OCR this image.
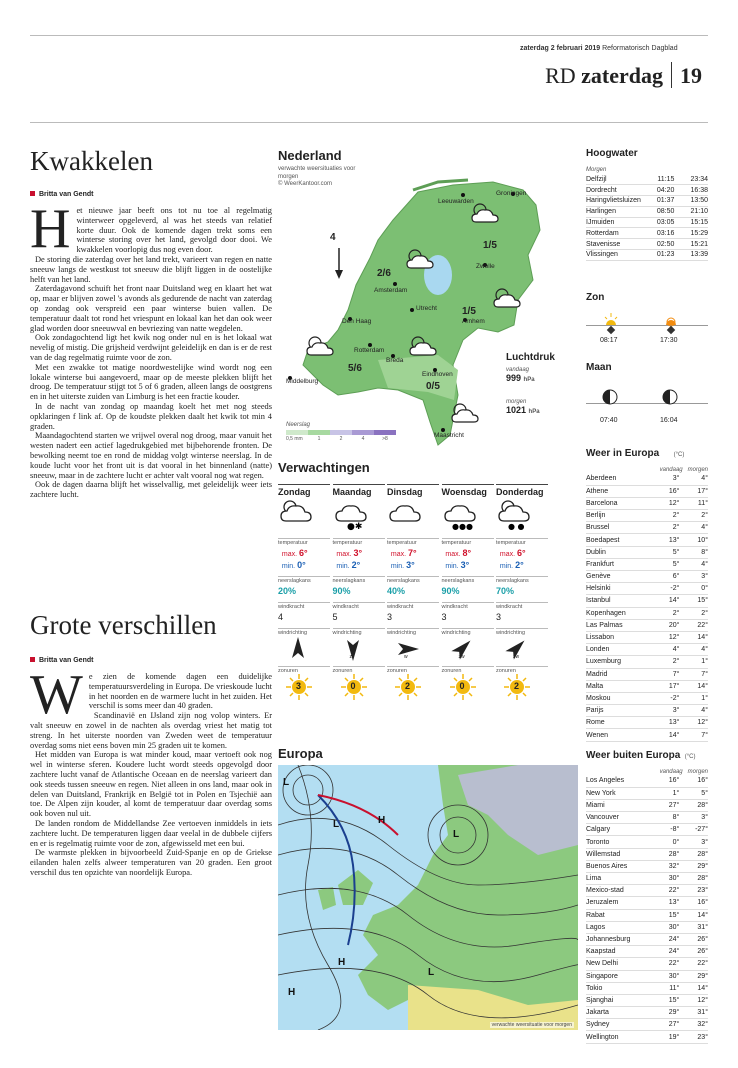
zaterdag 2 februari 2019 Reformatorisch Dagblad
RD zaterdag 19
Kwakkelen
Britta van Gendt
H et nieuwe jaar beeft ons tot nu toe al regelmatig winterweer opgeleverd, al was het steeds van relatief korte duur. Ook de komende dagen trekt soms een winterse storing over het land, gevolgd door dooi. We kwakkelen voorlopig dus nog even door.

De storing die zaterdag over het land trekt, varieert van regen en natte sneeuw langs de westkust tot sneeuw die blijft liggen in de oostelijke helft van het land.

Zaterdagavond schuift het front naar Duitsland weg en klaart het wat op, maar er blijven zowel 's avonds als gedurende de nacht van zaterdag op zondag ook verspreid een paar winterse buien vallen. De temperatuur daalt tot rond het vriespunt en lokaal kan het dan ook weer glad worden door sneeuwval en bevriezing van natte wegdelen.

Ook zondagochtend ligt het kwik nog onder nul en is het lokaal wat nevelig of mistig. Die grijsheid verdwijnt geleidelijk en dan is er de rest van de dag regelmatig ruimte voor de zon.

Met een zwakke tot matige noordwestelijke wind wordt nog een lokale winterse bui aangevoerd, maar op de meeste plekken blijft het droog. De temperatuur stijgt tot 5 of 6 graden, alleen langs de oostgrens en in het uiterste zuiden van Limburg is het een fractie kouder.

In de nacht van zondag op maandag koelt het met nog steeds opklaringen f link af. Op de koudste plekken daalt het kwik tot min 4 graden.

Maandagochtend starten we vrijwel overal nog droog, maar vanuit het westen nadert een actief lagedrukgebied met bijbehorende fronten. De bewolking neemt toe en rond de middag volgt winterse neerslag. In de koude lucht voor het front uit is dat vooral in het binnenland (natte) sneeuw, maar in de zachtere lucht er achter valt vooral nog wat regen.

Ook de dagen daarna blijft het wisselvallig, met geleidelijk weer iets zachtere lucht.

Grote verschillen
Britta van Gendt
W e zien de komende dagen een duidelijke temperatuursverdeling in Europa. De vrieskoude lucht in het noorden en de warmere lucht in het zuiden. Het verschil is soms meer dan 40 graden.

Scandinavië en IJsland zijn nog volop winters. Er valt sneeuw en zowel in de nachten als overdag vriest het matig tot streng. In het uiterste noorden van Zweden weet de temperatuur overdag soms niet eens boven min 25 graden uit te komen.

Het midden van Europa is wat minder koud, maar vertoeft ook nog wel in winterse sferen. Koudere lucht wordt steeds opgevolgd door zachtere lucht vanaf de Atlantische Oceaan en de neerslag varieert dan ook steeds tussen sneeuw en regen. Niet alleen in ons land, maar ook in delen van Duitsland, Frankrijk en België tot in Polen en Tsjechië aan toe. De Alpen zijn kouder, al komt de temperatuur daar overdag soms ook boven nul uit.

De landen rondom de Middellandse Zee vertoeven inmiddels in iets zachtere lucht. De temperaturen liggen daar veelal in de dubbele cijfers en er is regelmatig ruimte voor de zon, afgewisseld met een bui.

De warmste plekken in bijvoorbeeld Zuid-Spanje en op de Griekse eilanden halen zelfs alweer temperaturen van 20 graden. Een groot verschil dus ten opzichte van noordelijk Europa.

Nederland
verwachte weersituaties voor morgen
© WeerKantoor.com
Leeuwarden
Groningen
Zwolle
Amsterdam
Den Haag
Utrecht
Arnhem
Rotterdam
Breda
Middelburg
Eindhoven
Maastricht
4
2/6
1/5
1/5
5/6
0/5
Luchtdruk
vandaag
999 hPa
morgen
1021 hPa
Neerslag
0,5 mm	1	2	4	>8
Verwachtingen
Zondag
temperatuur
max. 6°
min. 0°
neerslagkans
20%
windkracht
4
windrichting
zonuren
3
Maandag
●✱
temperatuur
max. 3°
min. 2°
neerslagkans
90%
windkracht
5
windrichting
z
zonuren
0
Dinsdag
temperatuur
max. 7°
min. 3°
neerslagkans
40%
windkracht
3
windrichting
w
zonuren
2
Woensdag
●●●
temperatuur
max. 8°
min. 3°
neerslagkans
90%
windkracht
3
windrichting
zw
zonuren
0
Donderdag
● ●
temperatuur
max. 6°
min. 2°
neerslagkans
70%
windkracht
3
windrichting
zw
zonuren
2
Europa
L
L	H
L
H
H
L
verwachte weersituatie voor morgen
Hoogwater
Morgen
Delfzijl	11:15	23:34
Dordrecht	04:20	16:38
Haringvlietsluizen	01:37	13:50
Harlingen	08:50	21:10
IJmuiden	03:05	15:15
Rotterdam	03:16	15:29
Stavenisse	02:50	15:21
Vlissingen	01:23	13:39
Zon
08:17	17:30
Maan
07:40	16:04
Weer in Europa (°C)
vandaag morgen
Aberdeen	3°	4°
Athene	16°	17°
Barcelona	12°	11°
Berlijn	2°	2°
Brussel	2°	4°
Boedapest	13°	10°
Dublin	5°	8°
Frankfurt	5°	4°
Genève	6°	3°
Helsinki	-2°	0°
Istanbul	14°	15°
Kopenhagen	2°	2°
Las Palmas	20°	22°
Lissabon	12°	14°
Londen	4°	4°
Luxemburg	2°	1°
Madrid	7°	7°
Malta	17°	14°
Moskou	-2°	1°
Parijs	3°	4°
Rome	13°	12°
Wenen	14°	7°
Weer buiten Europa (°C)
vandaag morgen
Los Angeles	16°	16°
New York	1°	5°
Miami	27°	28°
Vancouver	8°	3°
Calgary	-8°	-27°
Toronto	0°	3°
Willemstad	28°	28°
Buenos Aires	32°	29°
Lima	30°	28°
Mexico-stad	22°	23°
Jeruzalem	13°	16°
Rabat	15°	14°
Lagos	30°	31°
Johannesburg	24°	26°
Kaapstad	24°	26°
New Delhi	22°	22°
Singapore	30°	29°
Tokio	11°	14°
Sjanghai	15°	12°
Jakarta	29°	31°
Sydney	27°	32°
Wellington	19°	23°
